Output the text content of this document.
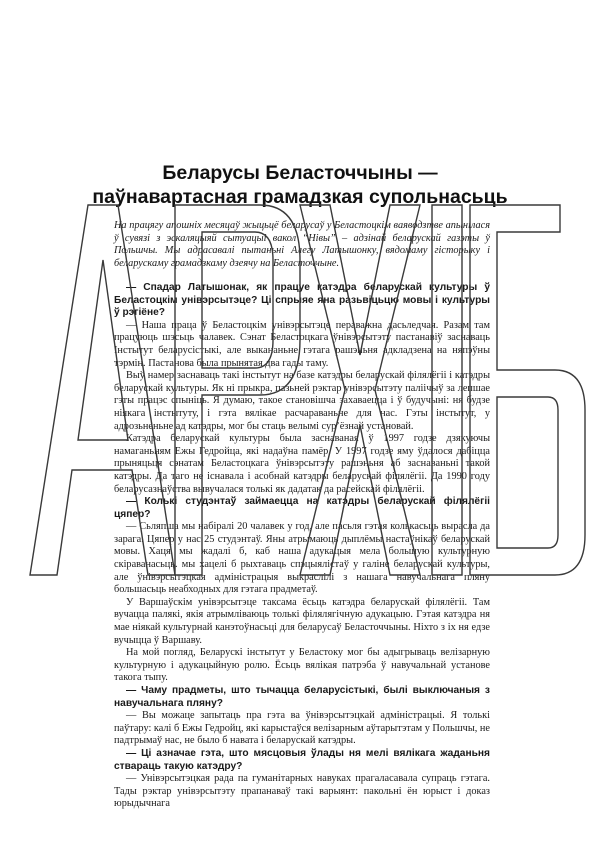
Беларусы Беласточчыны —
паўнавартасная грамадзкая супольнасьць
На працягу апошніх месяцаў жыцьцё беларусаў у Беластоцкім ваяводзтве апынілася ў сувязі з эскаляцыяй сытуацыі вакол “Нівы” – адзінай беларускай газэты ў Польшчы. Мы адрасавалі пытаньні Алегу Латышонку, вядомаму гісторыку і беларускаму грамадзкаму дзеячу на Беласточчыне.

— Спадар Латышонак, як працуе катэдра беларускай культуры ў Беластоцкім унівэрсытэце? Ці спрыяе яна разьвіцьцю мовы і культуры ў рэгіёне?

— Наша праца ў Беластоцкім унівэрсытэце пераважна дасьледчая. Разам там працуюць шэсьць чалавек. Сэнат Беластоцкага ўнівэрсытэту пастанавіў заснаваць Інстытут беларусістыкі, але выкананьне гэтага рашэньня адкладзена на няпэўны тэрмін. Пастанова была прынятая два гады таму.

Выў намер заснаваць такі інстытут на базе катэдры беларускай філялёгіі і катэдры беларускай культуры. Як ні прыкра, пазьней рэктар унівэрсытэту паліічыў за лепшае гэты працэс спыніць. Я думаю, такое становішча захаваецца і ў будучыні: ня будзе ніякага інстытуту, і гэта вялікае расчараваньне для нас. Гэты інстытут, у адрозьненьне ад катэдры, мог бы стаць велымі сур’ёзнай установай.

Катэдра беларускай культуры была заснаваная ў 1997 годзе дзякуючы намаганьням Ежы Гедройца, які надаўна памёр. У 1997 годзе яму ўдалося дабіцца прыняцьця сэнатам Беластоцкага ўнівэрсытэту рашэньня аб заснаваньні такой катэдры. Да таго не існавала і асобнай катэдры беларускай філялёгіі. Да 1990 году беларусазнаўства вывучалася толькі як дадатак да расейскай філялёгіі.

— Колькі студэнтаў займаецца на катэдры беларускай філялёгіі цяпер?

— Сьляпша мы набіралі 20 чалавек у год, але пасьля гэтая колькасьць вырасла да зарага. Цяпер у нас 25 студэнтаў. Яны атрымаюць дыплёмы настаўнікаў беларускай мовы. Хаця мы жадалі б, каб наша адукацыя мела большую культурную скіраванасьць. мы хацелі б рыхтаваць спэцыялістаў у галіне беларускай культуры, але ўнівэрсытэцкая адміністрацыя выкраслілі з нашага навучальнага пляну большасьць неабходных для гэтага прадметаў.

У Варшаўскім унівэрсытэце таксама ёсьць катэдра беларускай філялёгіі. Там вучацца палякі, якія атрымліваюць толькі філялягічную адукацыю. Гэтая катэдра ня мае ніякай культурнай канэтоўнасьці для беларусаў Беласточчыны. Ніхто з іх ня едзе вучыцца ў Варшаву.

На мой погляд, Беларускі інстытут у Беластоку мог бы адыгрываць велізарную культурную і адукацыйную ролю. Ёсьць вялікая патрэба ў навучальнай установе такога тыпу.

— Чаму прадметы, што тычацца беларусістыкі, былі выключаныя з навучальнага пляну?

— Вы можаце запытаць пра гэта ва ўнівэрсытэцкай адміністрацыі. Я толькі паўтару: калі б Ежы Гедройц, які карыстаўся велізарным аўтарытэтам у Польшчы, не падтрымаў нас, не было б навата і беларускай катэдры.

— Ці азначае гэта, што мясцовыя ўлады ня мелі вялікага жаданьня ствараць такую катэдру?

— Унівэрсытэцкая рада па гуманітарных навуках прагаласавала супраць гэтага. Тады рэктар унівэрсытэту прапанаваў такі варыянт: пакольні ён юрыст і доказ юрыдычнага
